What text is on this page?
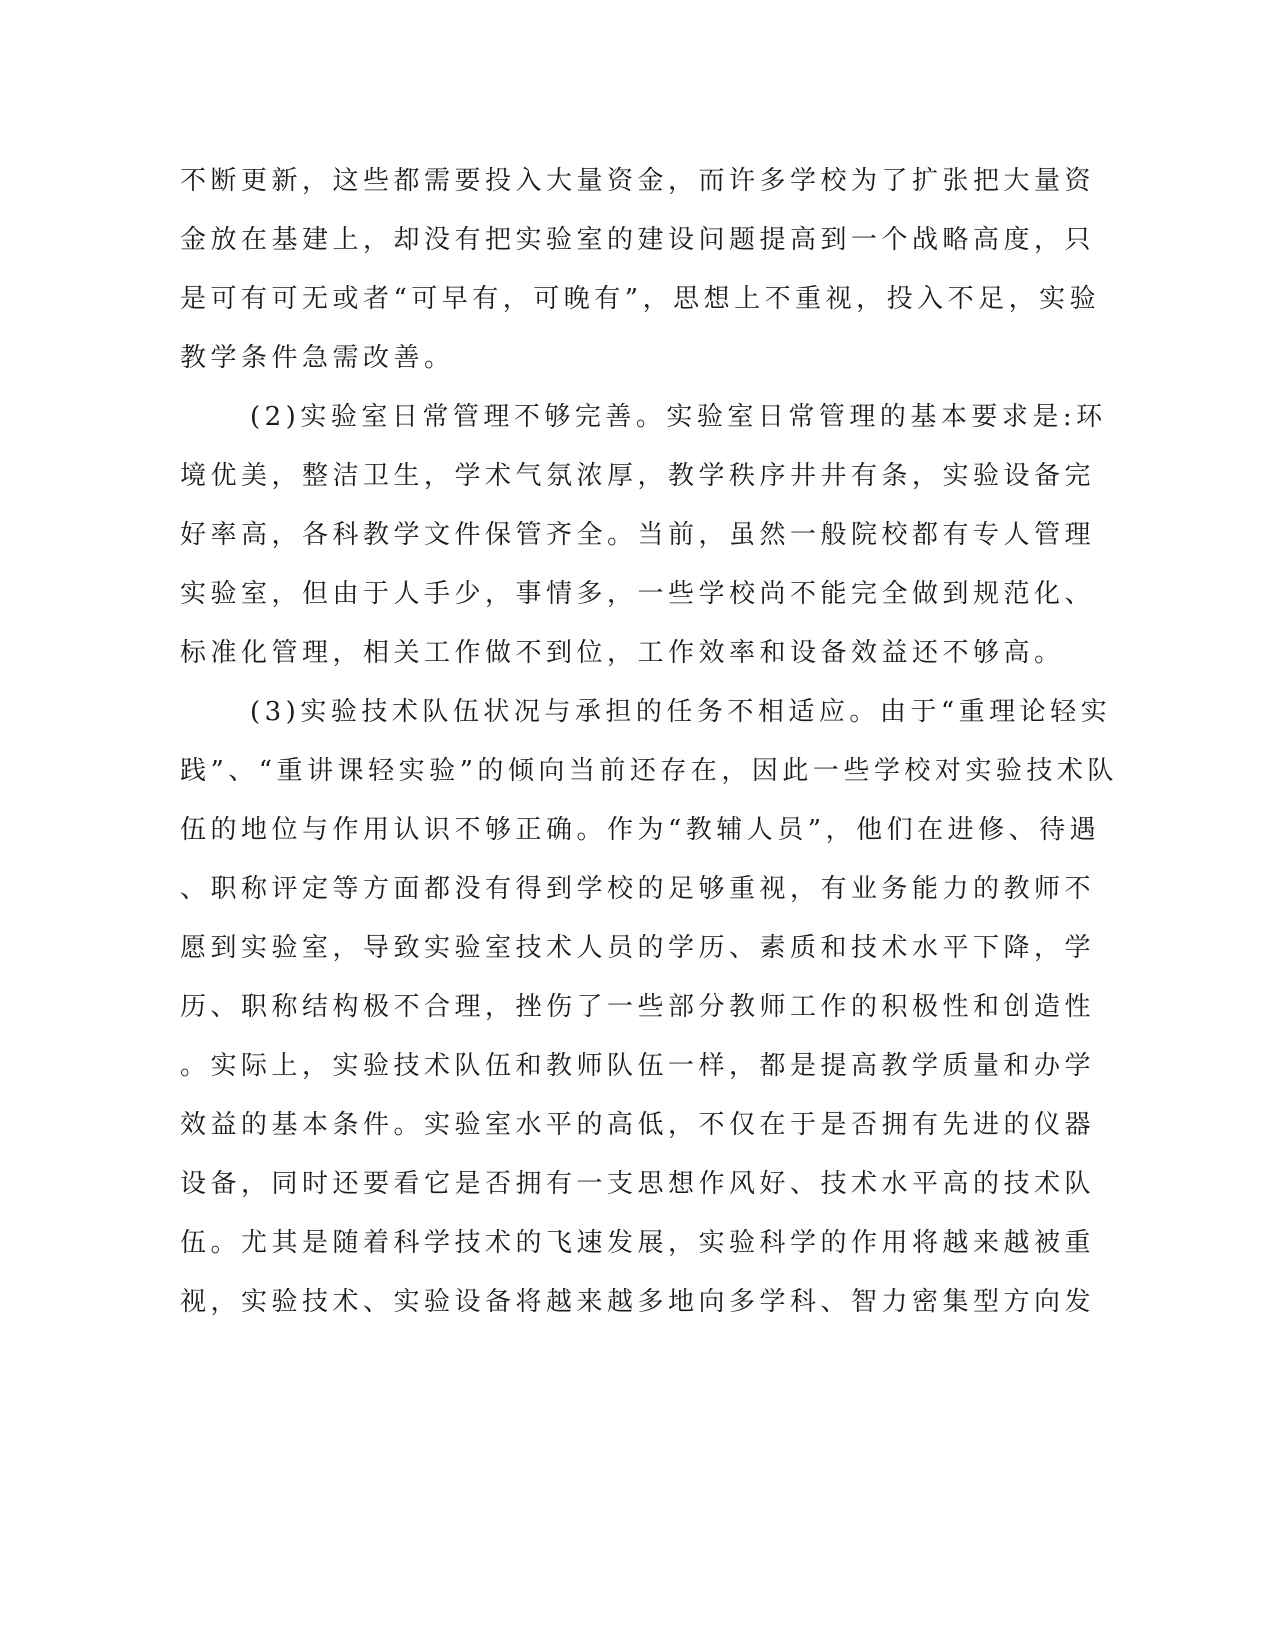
不断更新，这些都需要投入大量资金，而许多学校为了扩张把大量资
金放在基建上，却没有把实验室的建设问题提高到一个战略高度，只
是可有可无或者“可早有，可晚有”，思想上不重视，投入不足，实验
教学条件急需改善。
(2)实验室日常管理不够完善。实验室日常管理的基本要求是:环
境优美，整洁卫生，学术气氛浓厚，教学秩序井井有条，实验设备完
好率高，各科教学文件保管齐全。当前，虽然一般院校都有专人管理
实验室，但由于人手少，事情多，一些学校尚不能完全做到规范化、
标准化管理，相关工作做不到位，工作效率和设备效益还不够高。
(3)实验技术队伍状况与承担的任务不相适应。由于“重理论轻实
践”、“重讲课轻实验”的倾向当前还存在，因此一些学校对实验技术队
伍的地位与作用认识不够正确。作为“教辅人员”，他们在进修、待遇
、职称评定等方面都没有得到学校的足够重视，有业务能力的教师不
愿到实验室，导致实验室技术人员的学历、素质和技术水平下降，学
历、职称结构极不合理，挫伤了一些部分教师工作的积极性和创造性
。实际上，实验技术队伍和教师队伍一样，都是提高教学质量和办学
效益的基本条件。实验室水平的高低，不仅在于是否拥有先进的仪器
设备，同时还要看它是否拥有一支思想作风好、技术水平高的技术队
伍。尤其是随着科学技术的飞速发展，实验科学的作用将越来越被重
视，实验技术、实验设备将越来越多地向多学科、智力密集型方向发
